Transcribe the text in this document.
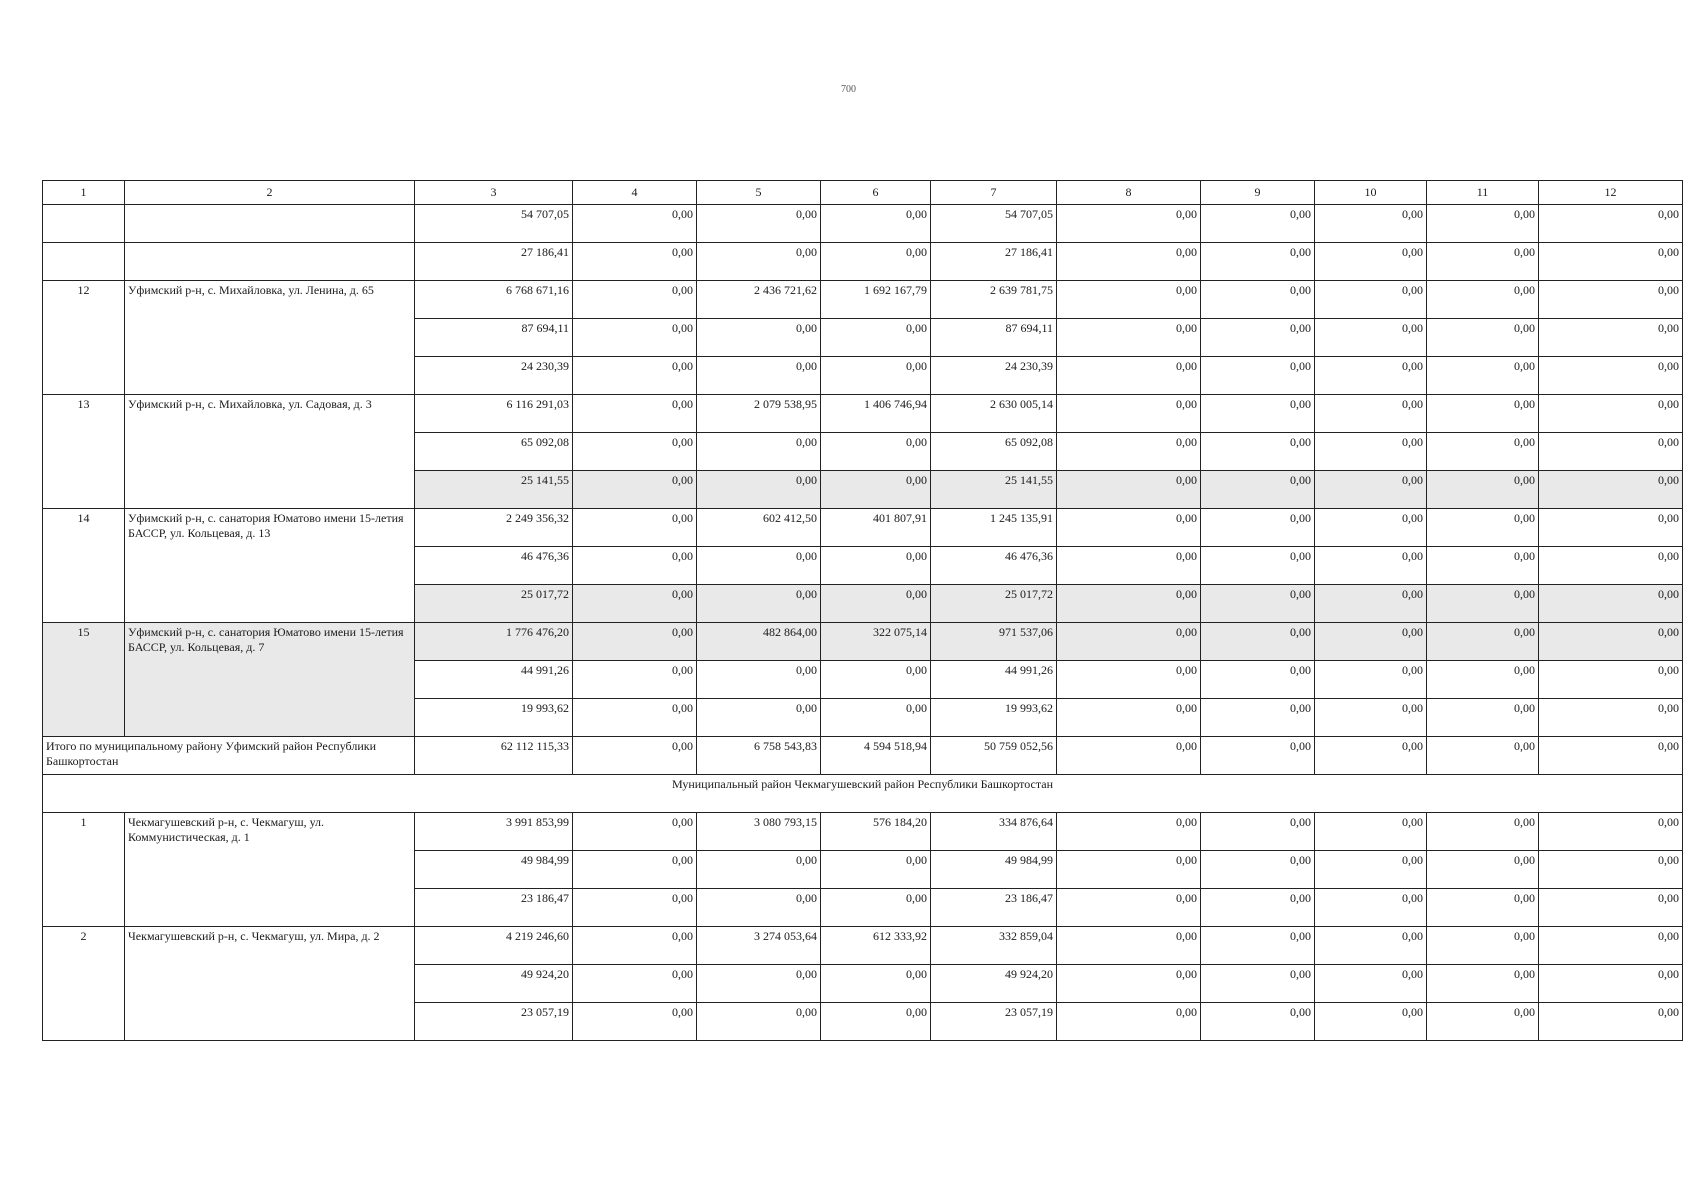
700
1	2	3	4	5	6	7	8	9	10	11	12
		54 707,05	0,00	0,00	0,00	54 707,05	0,00	0,00	0,00	0,00	0,00
		27 186,41	0,00	0,00	0,00	27 186,41	0,00	0,00	0,00	0,00	0,00
12	Уфимский р-н, с. Михайловка, ул. Ленина, д. 65	6 768 671,16	0,00	2 436 721,62	1 692 167,79	2 639 781,75	0,00	0,00	0,00	0,00	0,00
		87 694,11	0,00	0,00	0,00	87 694,11	0,00	0,00	0,00	0,00	0,00
		24 230,39	0,00	0,00	0,00	24 230,39	0,00	0,00	0,00	0,00	0,00
13	Уфимский р-н, с. Михайловка, ул. Садовая, д. 3	6 116 291,03	0,00	2 079 538,95	1 406 746,94	2 630 005,14	0,00	0,00	0,00	0,00	0,00
		65 092,08	0,00	0,00	0,00	65 092,08	0,00	0,00	0,00	0,00	0,00
		25 141,55	0,00	0,00	0,00	25 141,55	0,00	0,00	0,00	0,00	0,00
14	Уфимский р-н, с. санатория Юматово имени 15-летия БАССР, ул. Кольцевая, д. 13	2 249 356,32	0,00	602 412,50	401 807,91	1 245 135,91	0,00	0,00	0,00	0,00	0,00
		46 476,36	0,00	0,00	0,00	46 476,36	0,00	0,00	0,00	0,00	0,00
		25 017,72	0,00	0,00	0,00	25 017,72	0,00	0,00	0,00	0,00	0,00
15	Уфимский р-н, с. санатория Юматово имени 15-летия БАССР, ул. Кольцевая, д. 7	1 776 476,20	0,00	482 864,00	322 075,14	971 537,06	0,00	0,00	0,00	0,00	0,00
		44 991,26	0,00	0,00	0,00	44 991,26	0,00	0,00	0,00	0,00	0,00
		19 993,62	0,00	0,00	0,00	19 993,62	0,00	0,00	0,00	0,00	0,00
Итого по муниципальному району Уфимский район Республики Башкортостан		62 112 115,33	0,00	6 758 543,83	4 594 518,94	50 759 052,56	0,00	0,00	0,00	0,00	0,00
Муниципальный район Чекмагушевский район Республики Башкортостан											
1	Чекмагушевский р-н, с. Чекмагуш, ул. Коммунистическая, д. 1	3 991 853,99	0,00	3 080 793,15	576 184,20	334 876,64	0,00	0,00	0,00	0,00	0,00
		49 984,99	0,00	0,00	0,00	49 984,99	0,00	0,00	0,00	0,00	0,00
		23 186,47	0,00	0,00	0,00	23 186,47	0,00	0,00	0,00	0,00	0,00
2	Чекмагушевский р-н, с. Чекмагуш, ул. Мира, д. 2	4 219 246,60	0,00	3 274 053,64	612 333,92	332 859,04	0,00	0,00	0,00	0,00	0,00
		49 924,20	0,00	0,00	0,00	49 924,20	0,00	0,00	0,00	0,00	0,00
		23 057,19	0,00	0,00	0,00	23 057,19	0,00	0,00	0,00	0,00	0,00
